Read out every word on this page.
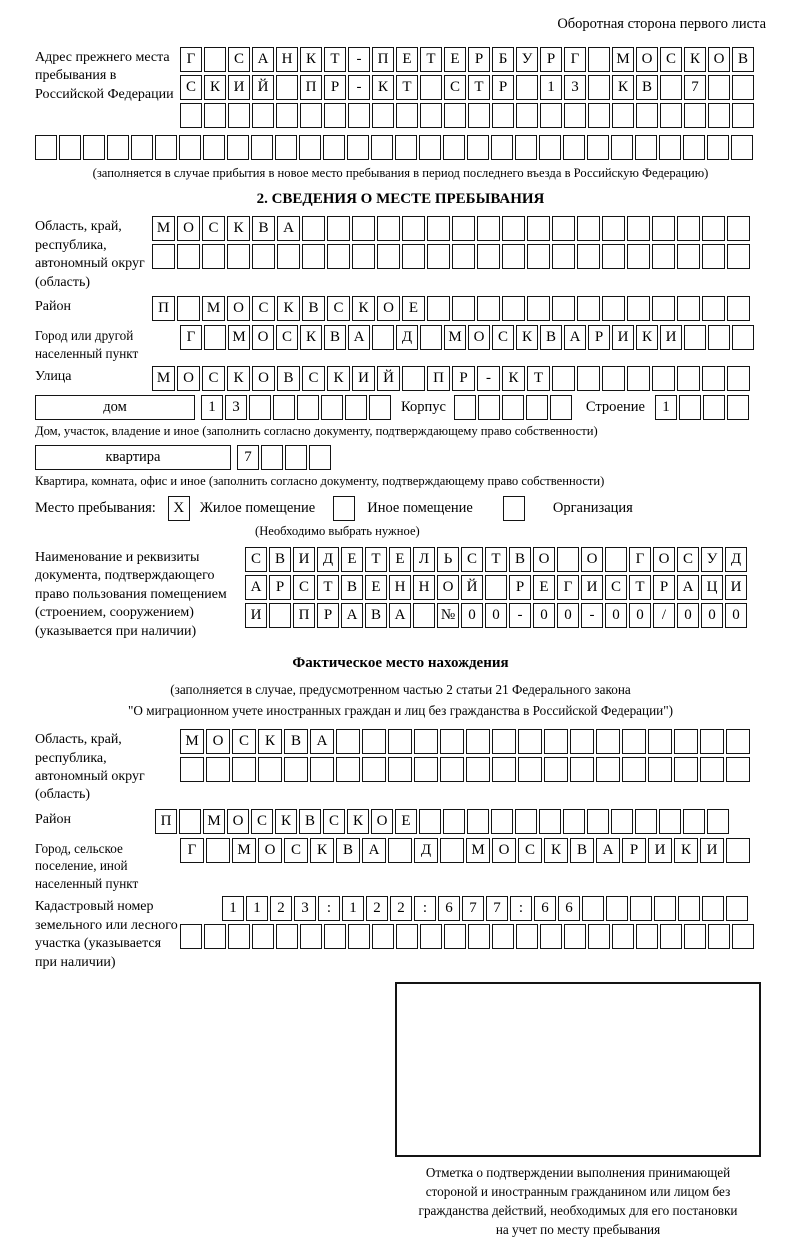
Оборотная сторона первого листа
Адрес прежнего места пребывания в Российской Федерации
Г	С А Н К Т	-	П Е Т Е	Р	Б У Р	Г	М О С К О В
С К И Й	П Р	-	К Т	С Т	Р	1	3	К В	7
(заполняется в случае прибытия в новое место пребывания в период последнего въезда в Российскую Федерацию)
2. СВЕДЕНИЯ О МЕСТЕ ПРЕБЫВАНИЯ
Область, край, республика, автономный округ (область)
М О С К В А
Район	П	М О С К В С К О Е
Город или другой населенный пункт
Г	М О С К В А	Д	М О С К В А Р И К И
Улица	М О С К О В С К И Й	П	Р	-	К	Т
дом	1	3	Корпус	Строение	1
Дом, участок, владение и иное (заполнить согласно документу, подтверждающему право собственности)
квартира	7
Квартира, комната, офис и иное (заполнить согласно документу, подтверждающему право собственности)
Место пребывания:	X	Жилое помещение	Иное помещение	Организация
(Необходимо выбрать нужное)
Наименование и реквизиты документа, подтверждающего право пользования помещением (строением, сооружением) (указывается при наличии)
С В И Д Е Т Е Л Ь С Т В О	О	Г О С У Д
А Р С Т В Е Н Н О Й	Р	Е	Г И С Т	Р А Ц И
И	П Р А В А	№ 0	0	-	0	0	-	0	0	/	0	0	0
Фактическое место нахождения
(заполняется в случае, предусмотренном частью 2 статьи 21 Федерального закона
"О миграционном учете иностранных граждан и лиц без гражданства в Российской Федерации")
Область, край, республика, автономный округ (область)
М О	С	К	В	А
Район	П	М О С К В С К О Е
Город, сельское поселение, иной населенный пункт
Г	М О	С	К	В	А	Д	М О	С	К	В	А	Р	И	К	И
Кадастровый номер земельного или лесного участка (указывается при наличии)
1	1	2	3	:	1	2	2	:	6	7	7	:	6	6
Отметка о подтверждении выполнения принимающей
стороной и иностранным гражданином или лицом без
гражданства действий, необходимых для его постановки
на учет по месту пребывания
